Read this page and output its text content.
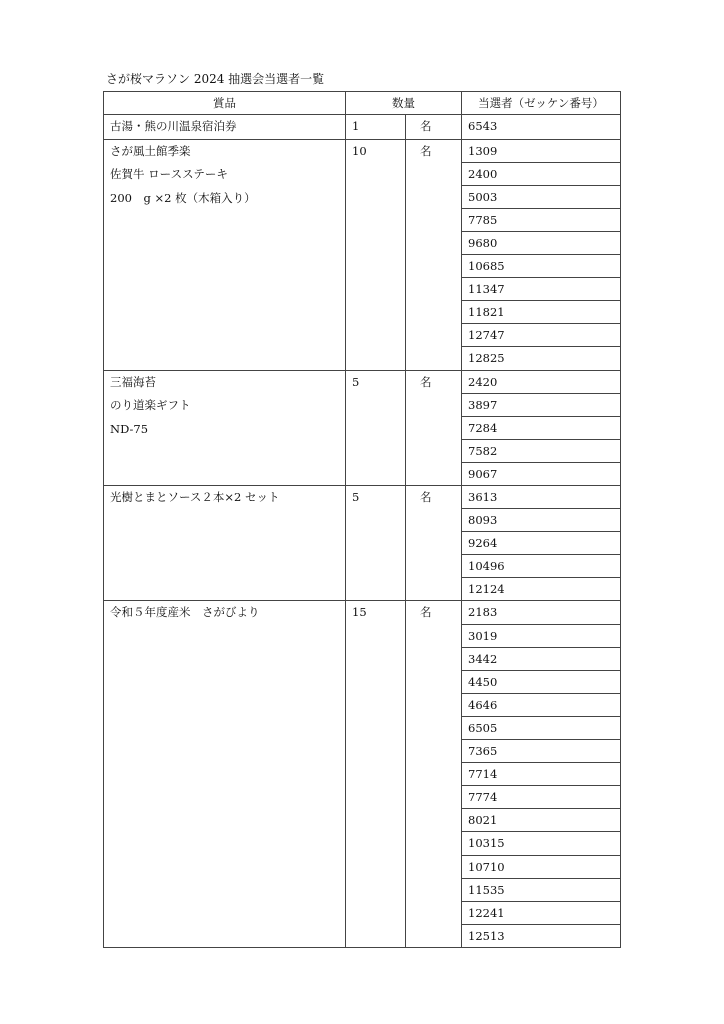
さが桜マラソン 2024 抽選会当選者一覧
賞品	数量		当選者（ゼッケン番号）

古湯・熊の川温泉宿泊券	1	名	6543

さが風土館季楽
佐賀牛 ロースステーキ
200　g ×2 枚（木箱入り）	10	名	1309
			2400
			5003
			7785
			9680
			10685
			11347
			11821
			12747
			12825

三福海苔
のり道楽ギフト
ND-75	5	名	2420
			3897
			7284
			7582
			9067

光樹とまとソース２本×2 セット	5	名	3613
			8093
			9264
			10496
			12124

令和５年度産米　さがびより	15	名	2183
			3019
			3442
			4450
			4646
			6505
			7365
			7714
			7774
			8021
			10315
			10710
			11535
			12241
			12513
